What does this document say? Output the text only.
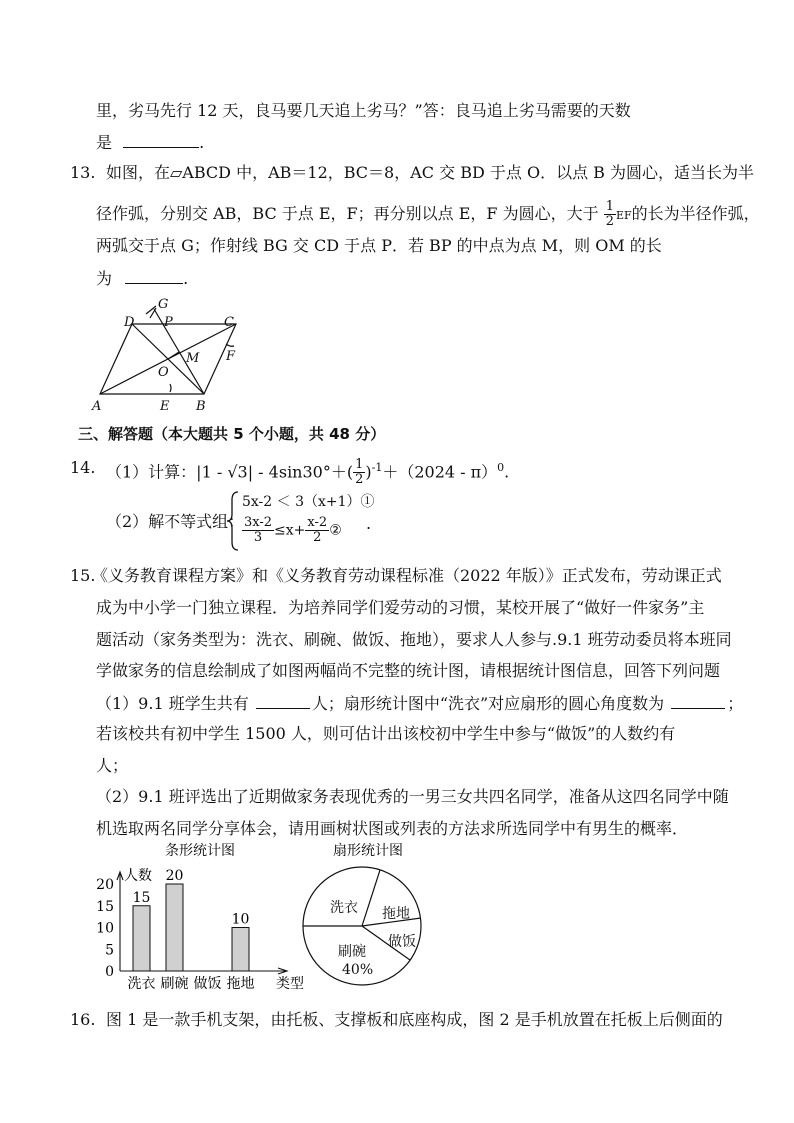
里，劣马先行 12 天，良马要几天追上劣马？”答：良马追上劣马需要的天数
是	.
13. 如图，在▱ABCD 中，AB＝12，BC＝8，AC 交 BD 于点 O．以点 B 为圆心，适当长为半
径作弧，分别交 AB，BC 于点 E，F；再分别以点 E，F 为圆心，大于 $\frac{1}{2}$ EF的长为半径作弧，
两弧交于点 G；作射线 BG 交 CD 于点 P．若 BP 的中点为点 M，则 OM 的长
为	.
A	B
C
D
E
F
G
M
O
P
三、解答题（本大题共 5 个小题，共 48 分）
14. （1）计算：$|1 - √3| - 4\sin 30^\circ+( \frac{1}{2} )^{-1}+(2024 - \pi)^0$.
（2）解不等式组：
5x-2 ＜ 3（x+1）①
$\frac{3x-2}{3} \le x+ \frac{x-2}{2}$ ② .
15.
《义务教育课程方案》和《义务教育劳动课程标准（2022 年版）》正式发布，劳动课正式
成为中小学一门独立课程．为培养同学们爱劳动的习惯，某校开展了“做好一件家务”主
题活动（家务类型为：洗衣、刷碗、做饭、拖地），要求人人参与.9.1 班劳动委员将本班同
学做家务的信息绘制成了如图两幅尚不完整的统计图，请根据统计图信息，回答下列问题
（1）9.1 班学生共有	人；扇形统计图中“洗衣”对应扇形的圆心角度数为	；
若该校共有初中学生 1500 人，则可估计出该校初中学生中参与“做饭”的人数约有
人；
（2）9.1 班评选出了近期做家务表现优秀的一男三女共四名同学，准备从这四名同学中随
机选取两名同学分享体会，请用画树状图或列表的方法求所选同学中有男生的概率．
条形统计图
人数
类型
0
5
10
15
20
15
洗衣
20
刷碗 做饭
10
拖地
扇形统计图
洗衣 拖地
做饭
刷碗
40%
16. 图 1 是一款手机支架，由托板、支撑板和底座构成，图 2 是手机放置在托板上后侧面的
